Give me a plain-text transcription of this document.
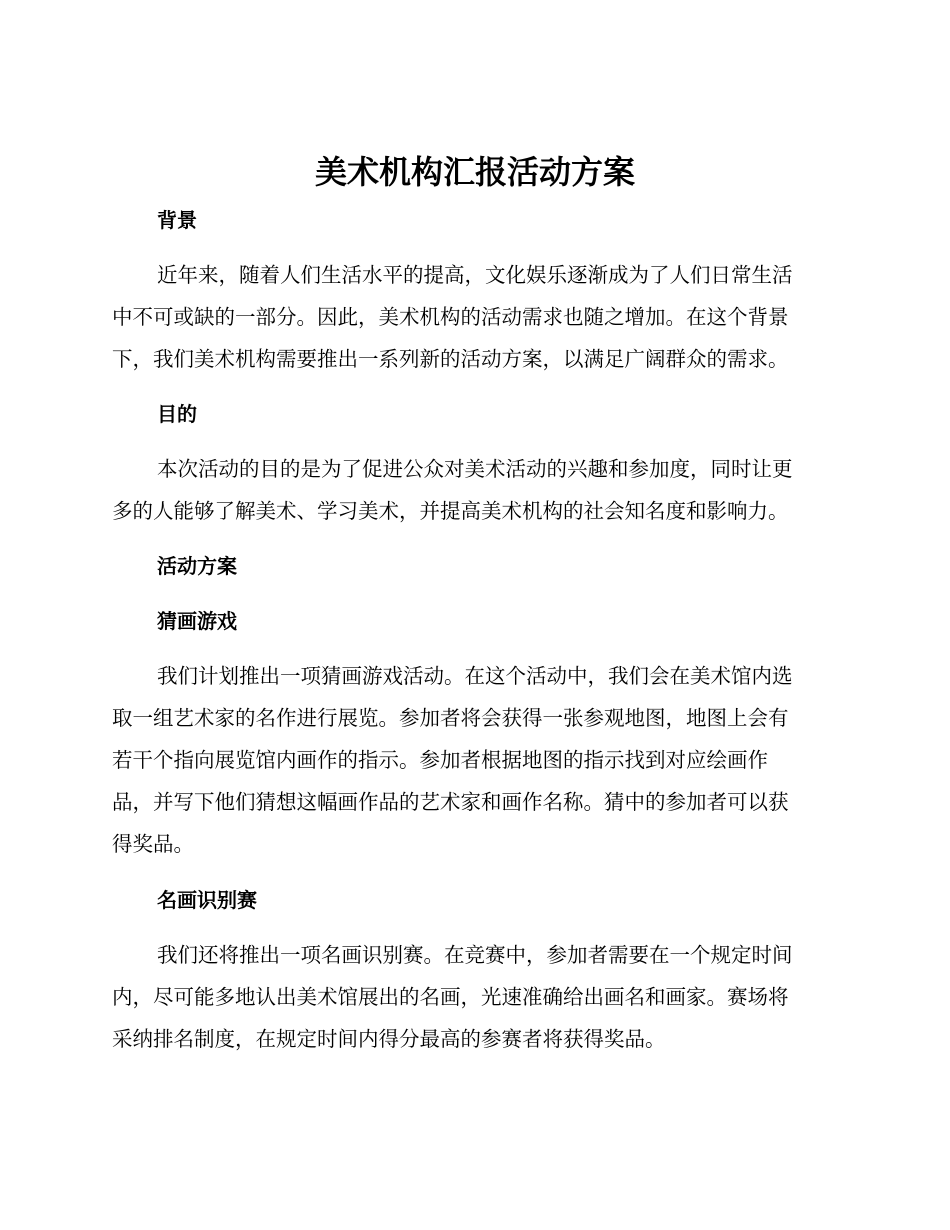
美术机构汇报活动方案
背景
近年来，随着人们生活水平的提高，文化娱乐逐渐成为了人们日常生活
中不可或缺的一部分。因此，美术机构的活动需求也随之增加。在这个背景
下，我们美术机构需要推出一系列新的活动方案，以满足广阔群众的需求。
目的
本次活动的目的是为了促进公众对美术活动的兴趣和参加度，同时让更
多的人能够了解美术、学习美术，并提高美术机构的社会知名度和影响力。
活动方案
猜画游戏
我们计划推出一项猜画游戏活动。在这个活动中，我们会在美术馆内选
取一组艺术家的名作进行展览。参加者将会获得一张参观地图，地图上会有
若干个指向展览馆内画作的指示。参加者根据地图的指示找到对应绘画作
品，并写下他们猜想这幅画作品的艺术家和画作名称。猜中的参加者可以获
得奖品。
名画识别赛
我们还将推出一项名画识别赛。在竞赛中，参加者需要在一个规定时间
内，尽可能多地认出美术馆展出的名画，光速准确给出画名和画家。赛场将
采纳排名制度，在规定时间内得分最高的参赛者将获得奖品。
